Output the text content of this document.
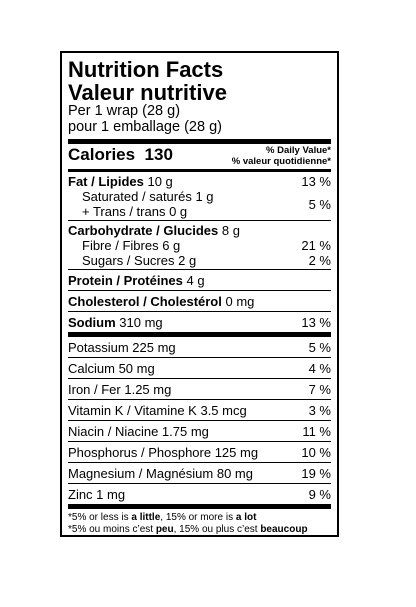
Nutrition Facts
Valeur nutritive
Per 1 wrap (28 g)
pour 1 emballage (28 g)
Calories 130	% Daily Value*
% valeur quotidienne*
Fat / Lipides 10 g	13 %
Saturated / saturés 1 g
+ Trans / trans 0 g	5 %
Carbohydrate / Glucides 8 g
Fibre / Fibres 6 g	21 %
Sugars / Sucres 2 g	2 %
Protein / Protéines 4 g
Cholesterol / Cholestérol 0 mg
Sodium 310 mg	13 %
Potassium 225 mg	5 %
Calcium 50 mg	4 %
Iron / Fer 1.25 mg	7 %
Vitamin K / Vitamine K 3.5 mcg	3 %
Niacin / Niacine 1.75 mg	11 %
Phosphorus / Phosphore 125 mg	10 %
Magnesium / Magnésium 80 mg	19 %
Zinc 1 mg	9 %
*5% or less is a little, 15% or more is a lot
*5% ou moins c’est peu, 15% ou plus c’est beaucoup
